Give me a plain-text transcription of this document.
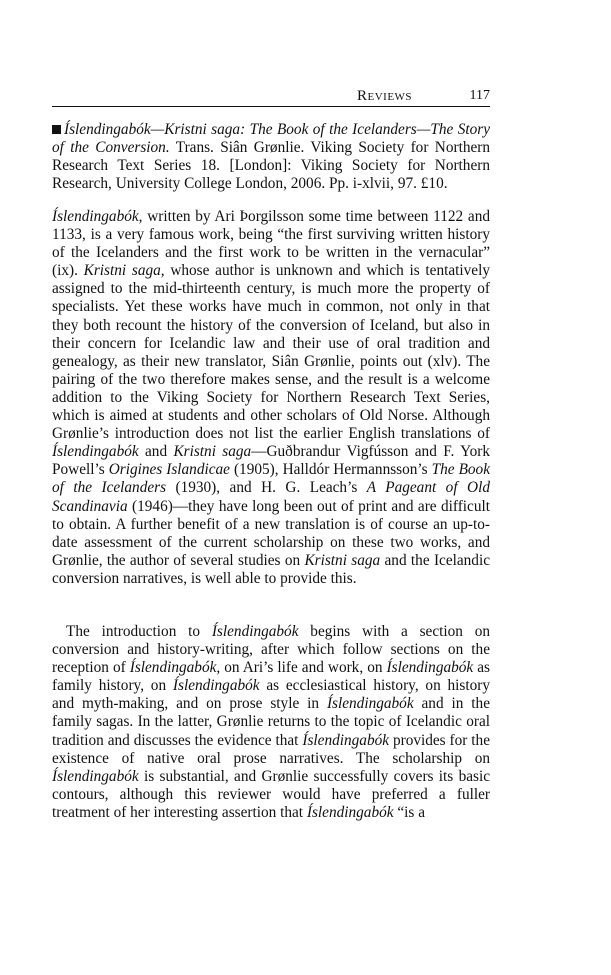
Reviews	117
Íslendingabók—Kristni saga: The Book of the Icelanders—The Story of the Conversion. Trans. Siân Grønlie. Viking Society for Northern Research Text Series 18. [London]: Viking Society for Northern Research, University College London, 2006. Pp. i-xlvii, 97. £10.
Íslendingabók, written by Ari Þorgilsson some time between 1122 and 1133, is a very famous work, being “the first surviving written history of the Icelanders and the first work to be written in the vernacular” (ix). Kristni saga, whose author is unknown and which is tentatively assigned to the mid-thirteenth century, is much more the property of specialists. Yet these works have much in common, not only in that they both recount the history of the conversion of Iceland, but also in their concern for Icelandic law and their use of oral tradition and genealogy, as their new translator, Siân Grønlie, points out (xlv). The pairing of the two therefore makes sense, and the result is a welcome addition to the Viking Society for Northern Research Text Series, which is aimed at students and other scholars of Old Norse. Although Grønlie’s introduction does not list the earlier English translations of Íslendingabók and Kristni saga—Guðbrandur Vigfússon and F. York Powell’s Origines Islandicae (1905), Halldór Hermannsson’s The Book of the Icelanders (1930), and H. G. Leach’s A Pageant of Old Scandinavia (1946)—they have long been out of print and are difficult to obtain. A further benefit of a new translation is of course an up-to-date assessment of the current scholarship on these two works, and Grønlie, the author of several studies on Kristni saga and the Icelandic conversion narratives, is well able to provide this.
The introduction to Íslendingabók begins with a section on conversion and history-writing, after which follow sections on the reception of Íslendingabók, on Ari’s life and work, on Íslendingabók as family history, on Íslendingabók as ecclesiastical history, on history and myth-making, and on prose style in Íslendingabók and in the family sagas. In the latter, Grønlie returns to the topic of Icelandic oral tradition and discusses the evidence that Íslendingabók provides for the existence of native oral prose narratives. The scholarship on Íslendingabók is substantial, and Grønlie successfully covers its basic contours, although this reviewer would have preferred a fuller treatment of her interesting assertion that Íslendingabók “is a
